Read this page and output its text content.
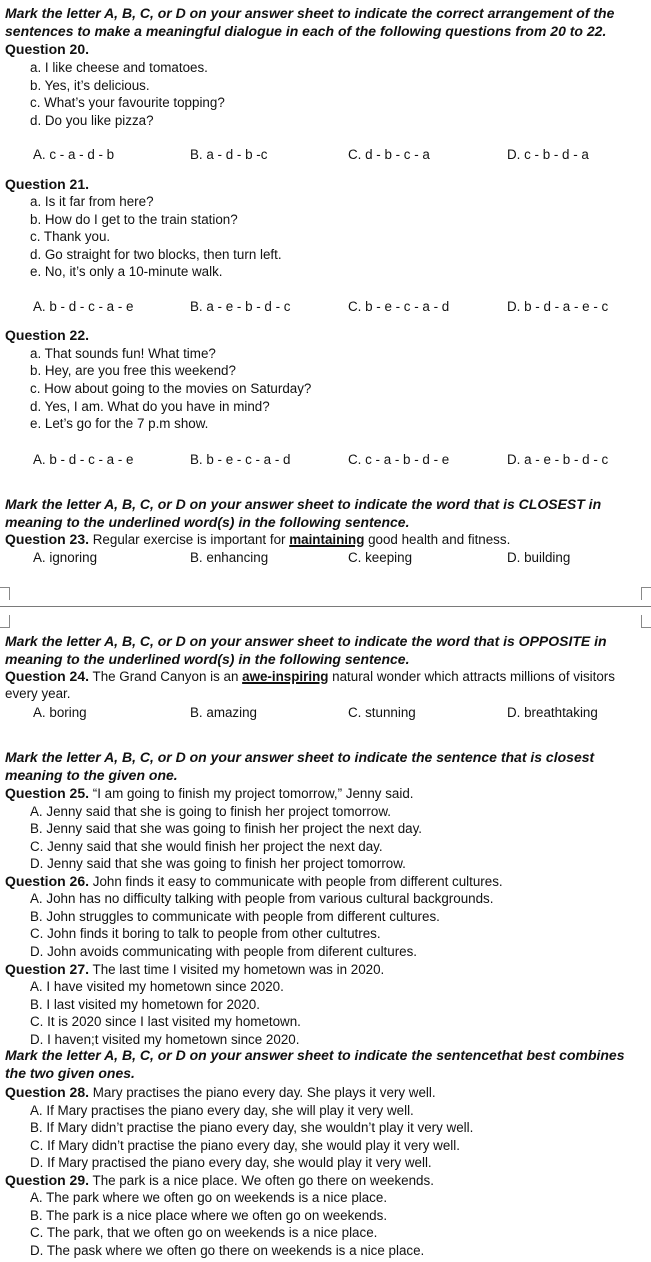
Mark the letter A, B, C, or D on your answer sheet to indicate the correct arrangement of the sentences to make a meaningful dialogue in each of the following questions from 20 to 22.
Question 20.
a. I like cheese and tomatoes.
b. Yes, it’s delicious.
c. What’s your favourite topping?
d. Do you like pizza?
A. c - a - d - b	B. a - d - b -c	C. d - b - c - a	D. c - b - d - a
Question 21.
a. Is it far from here?
b. How do I get to the train station?
c. Thank you.
d. Go straight for two blocks, then turn left.
e. No, it’s only a 10-minute walk.
A. b - d - c - a - e	B. a - e - b - d - c	C. b - e - c - a - d	D. b - d - a - e - c
Question 22.
a. That sounds fun! What time?
b. Hey, are you free this weekend?
c. How about going to the movies on Saturday?
d. Yes, I am. What do you have in mind?
e. Let’s go for the 7 p.m show.
A. b - d - c - a - e	B. b - e - c - a - d	C. c - a - b - d - e	D. a - e - b - d - c
Mark the letter A, B, C, or D on your answer sheet to indicate the word that is CLOSEST in meaning to the underlined word(s) in the following sentence.
Question 23. Regular exercise is important for maintaining good health and fitness.
A. ignoring	B. enhancing	C. keeping	D. building
Mark the letter A, B, C, or D on your answer sheet to indicate the word that is OPPOSITE in meaning to the underlined word(s) in the following sentence.
Question 24. The Grand Canyon is an awe-inspiring natural wonder which attracts millions of visitors every year.
A. boring	B. amazing	C. stunning	D. breathtaking
Mark the letter A, B, C, or D on your answer sheet to indicate the sentence that is closest meaning to the given one.
Question 25. “I am going to finish my project tomorrow,” Jenny said.
A. Jenny said that she is going to finish her project tomorrow.
B. Jenny said that she was going to finish her project the next day.
C. Jenny said that she would finish her project the next day.
D. Jenny said that she was going to finish her project tomorrow.
Question 26. John finds it easy to communicate with people from different cultures.
A. John has no difficulty talking with people from various cultural backgrounds.
B. John struggles to communicate with people from different cultures.
C. John finds it boring to talk to people from other cultutres.
D. John avoids communicating with people from diferent cultures.
Question 27. The last time I visited my hometown was in 2020.
A. I have visited my hometown since 2020.
B. I last visited my hometown for 2020.
C. It is 2020 since I last visited my hometown.
D. I haven;t visited my hometown since 2020.
Mark the letter A, B, C, or D on your answer sheet to indicate the sentencethat best combines the two given ones.
Question 28. Mary practises the piano every day. She plays it very well.
A. If Mary practises the piano every day, she will play it very well.
B. If Mary didn’t practise the piano every day, she wouldn’t play it very well.
C. If Mary didn’t practise the piano every day, she would play it very well.
D. If Mary practised the piano every day, she would play it very well.
Question 29. The park is a nice place. We often go there on weekends.
A. The park where we often go on weekends is a nice place.
B. The park is a nice place where we often go on weekends.
C. The park, that we often go on weekends is a nice place.
D. The pask where we often go there on weekends is a nice place.
